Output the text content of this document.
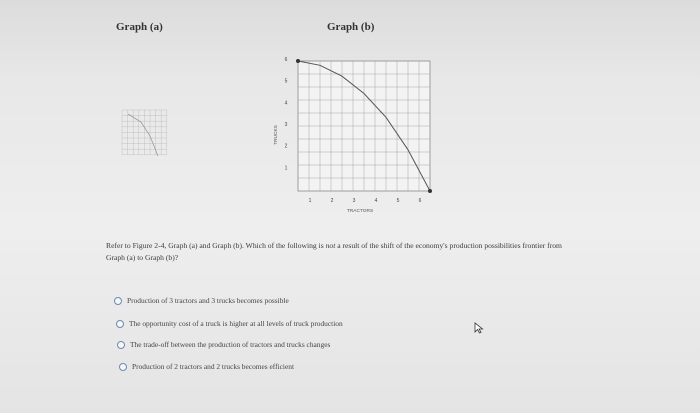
Graph (a)	Graph (b)
1	2	3	4	5	6
1
2
3
4
5
6
TRACTORS
TRUCKS
Refer to Figure 2-4, Graph (a) and Graph (b). Which of the following is not a result of the shift of the economy's production possibilities frontier from Graph (a) to Graph (b)?
Production of 3 tractors and 3 trucks becomes possible
The opportunity cost of a truck is higher at all levels of truck production
The trade-off between the production of tractors and trucks changes
Production of 2 tractors and 2 trucks becomes efficient
